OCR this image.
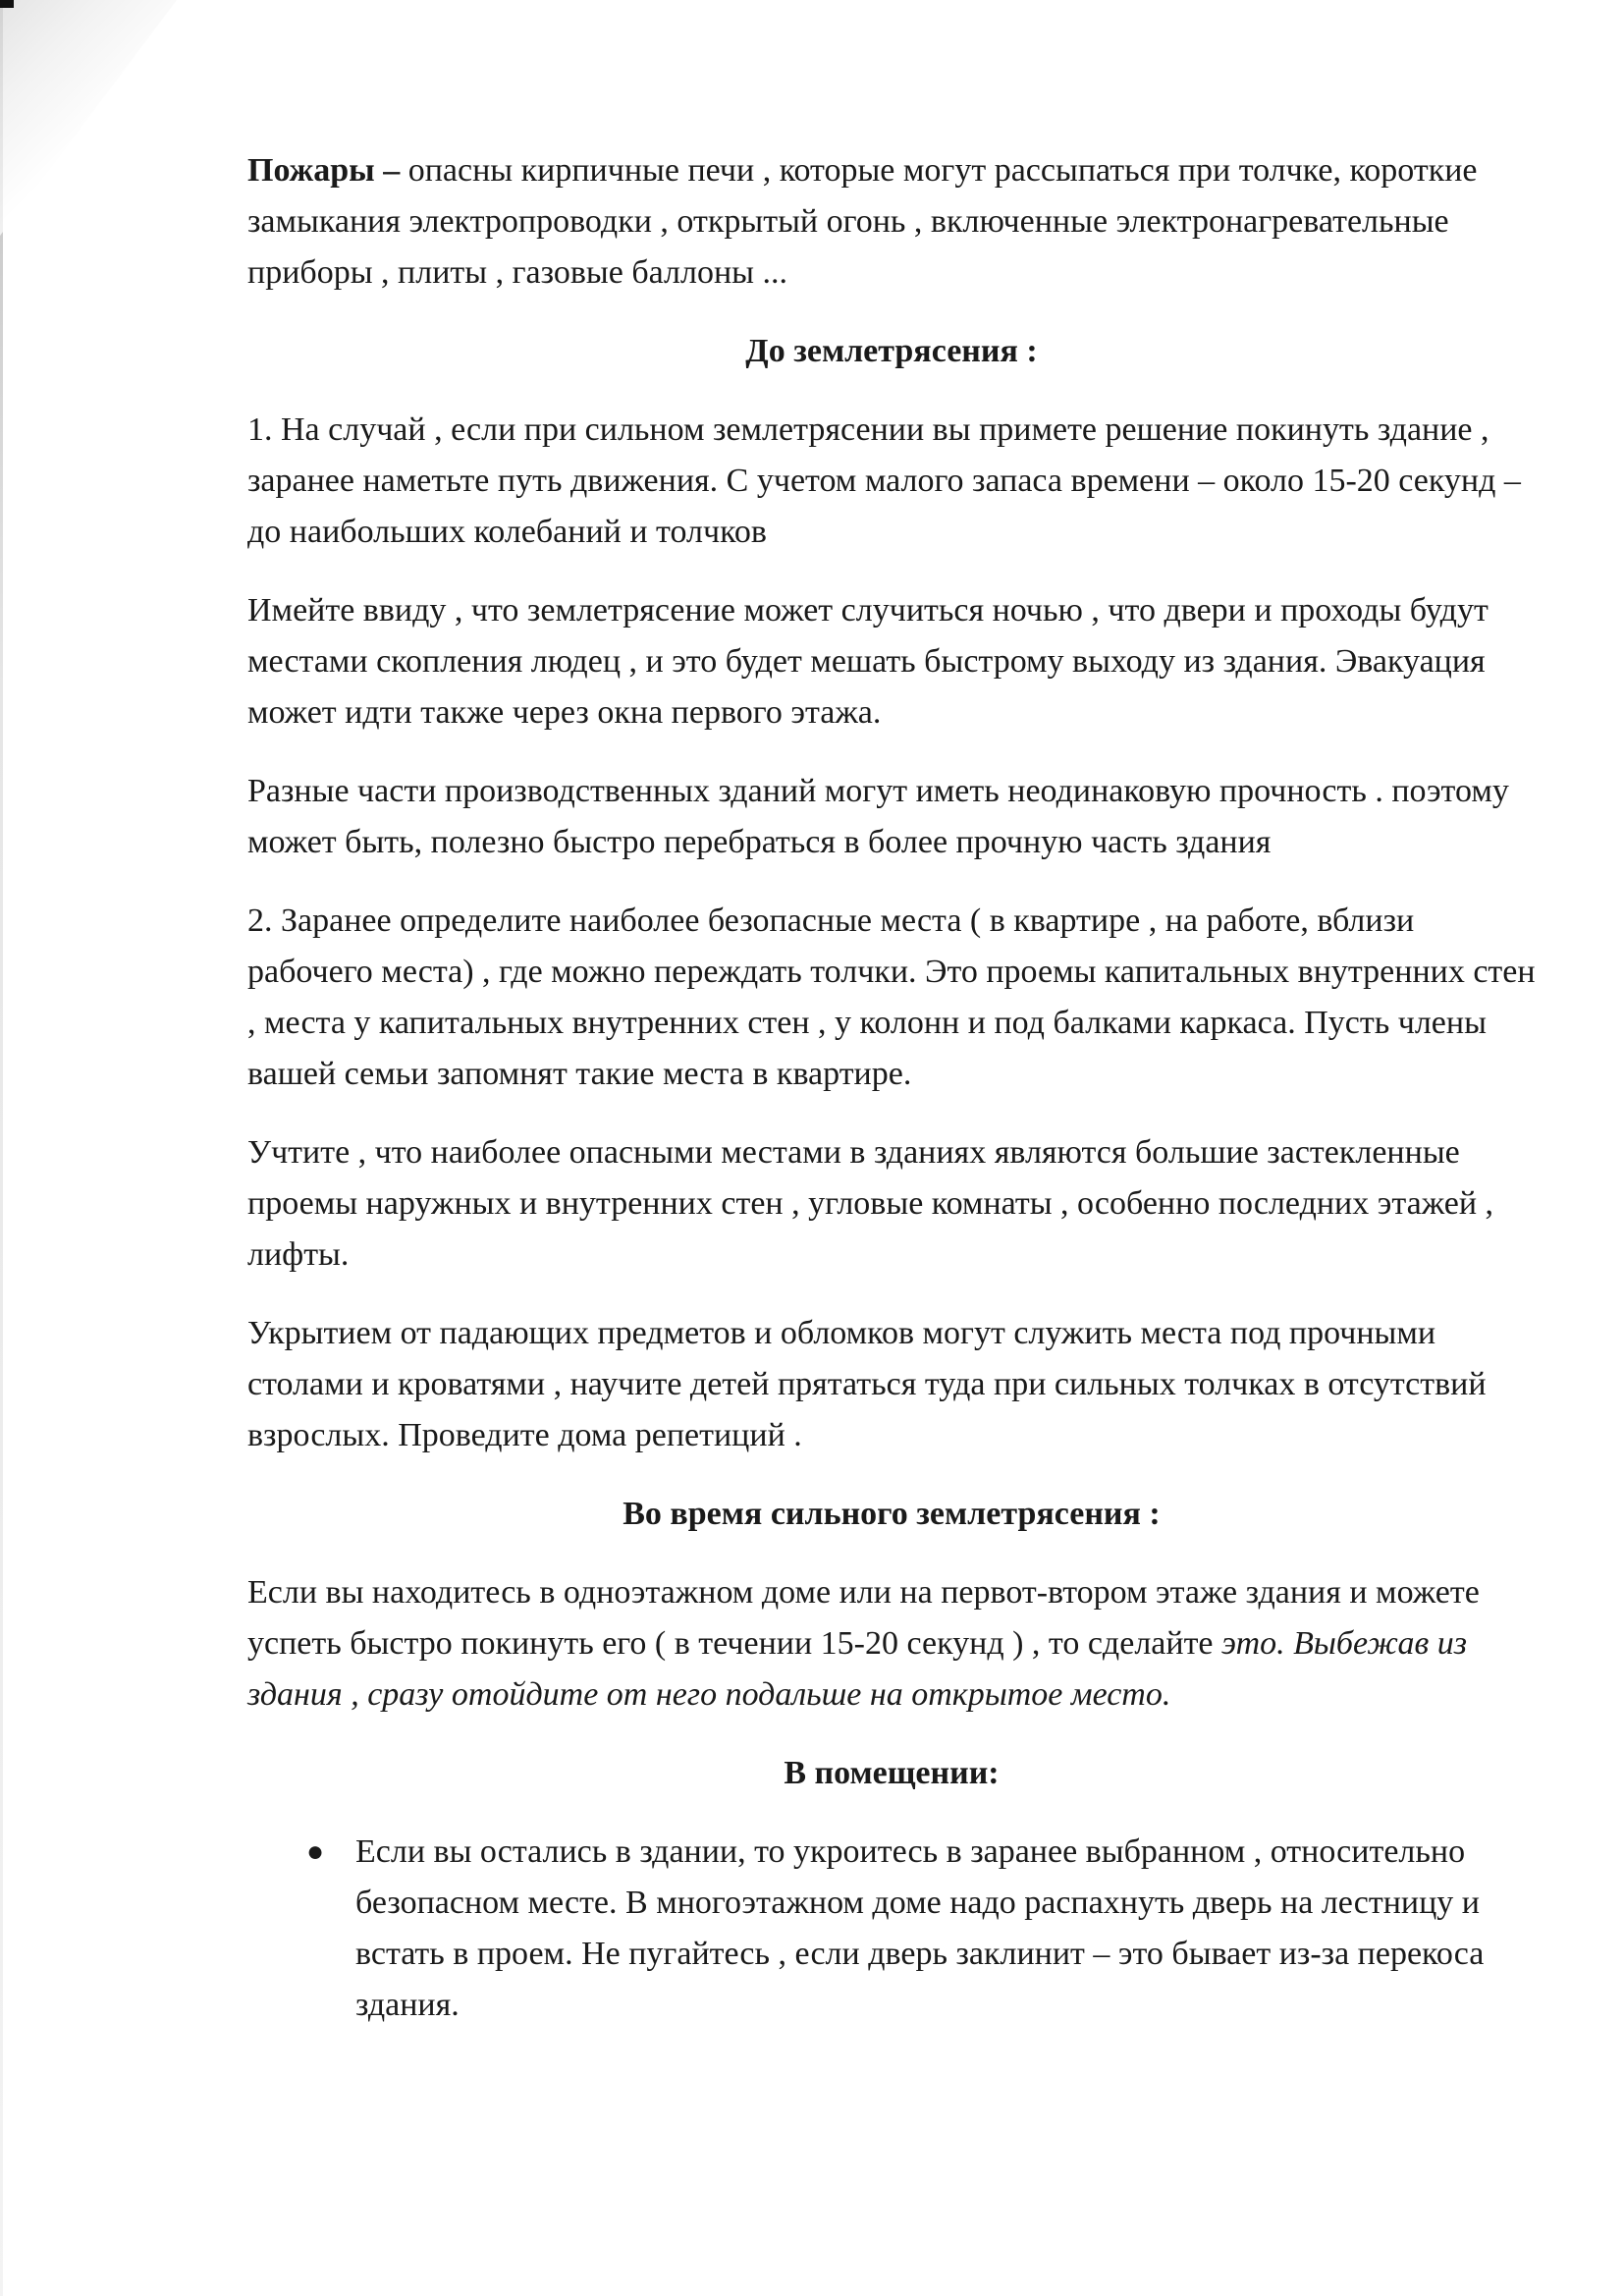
Пожары – опасны кирпичные печи , которые могут рассыпаться при толчке, короткие замыкания электропроводки , открытый огонь , включенные электронагревательные приборы , плиты , газовые баллоны ...

До землетрясения :

1. На случай , если при сильном землетрясении вы примете решение покинуть здание , заранее наметьте путь движения. С учетом малого запаса времени – около 15-20 секунд – до наибольших колебаний и толчков

Имейте ввиду , что землетрясение может случиться ночью , что двери и проходы будут местами скопления людец , и это будет мешать быстрому выходу из здания. Эвакуация может идти также через окна первого этажа.

Разные части производственных зданий могут иметь неодинаковую прочность . поэтому может быть, полезно быстро перебраться в более прочную часть здания

2. Заранее определите наиболее безопасные места ( в квартире , на работе, вблизи рабочего места) , где можно переждать толчки. Это проемы капитальных внутренних стен , места у капитальных внутренних стен , у колонн и под балками каркаса. Пусть члены вашей семьи запомнят такие места в квартире.

Учтите , что наиболее опасными местами в зданиях являются большие застекленные проемы наружных и внутренних стен , угловые комнаты , особенно последних этажей , лифты.

Укрытием от падающих предметов и обломков могут служить места под прочными столами и кроватями , научите детей прятаться туда при сильных толчках в отсутствий взрослых. Проведите дома репетиций .

Во время сильного землетрясения :

Если вы находитесь в одноэтажном доме или на первот-втором этаже здания и можете успеть быстро покинуть его ( в течении 15-20 секунд ) , то сделайте это. Выбежав из здания , сразу отойдите от него подальше на открытое место.

В помещении:
● Если вы остались в здании, то укроитесь в заранее выбранном , относительно безопасном месте. В многоэтажном доме надо распахнуть дверь на лестницу и встать в проем. Не пугайтесь , если дверь заклинит – это бывает из-за перекоса здания.
